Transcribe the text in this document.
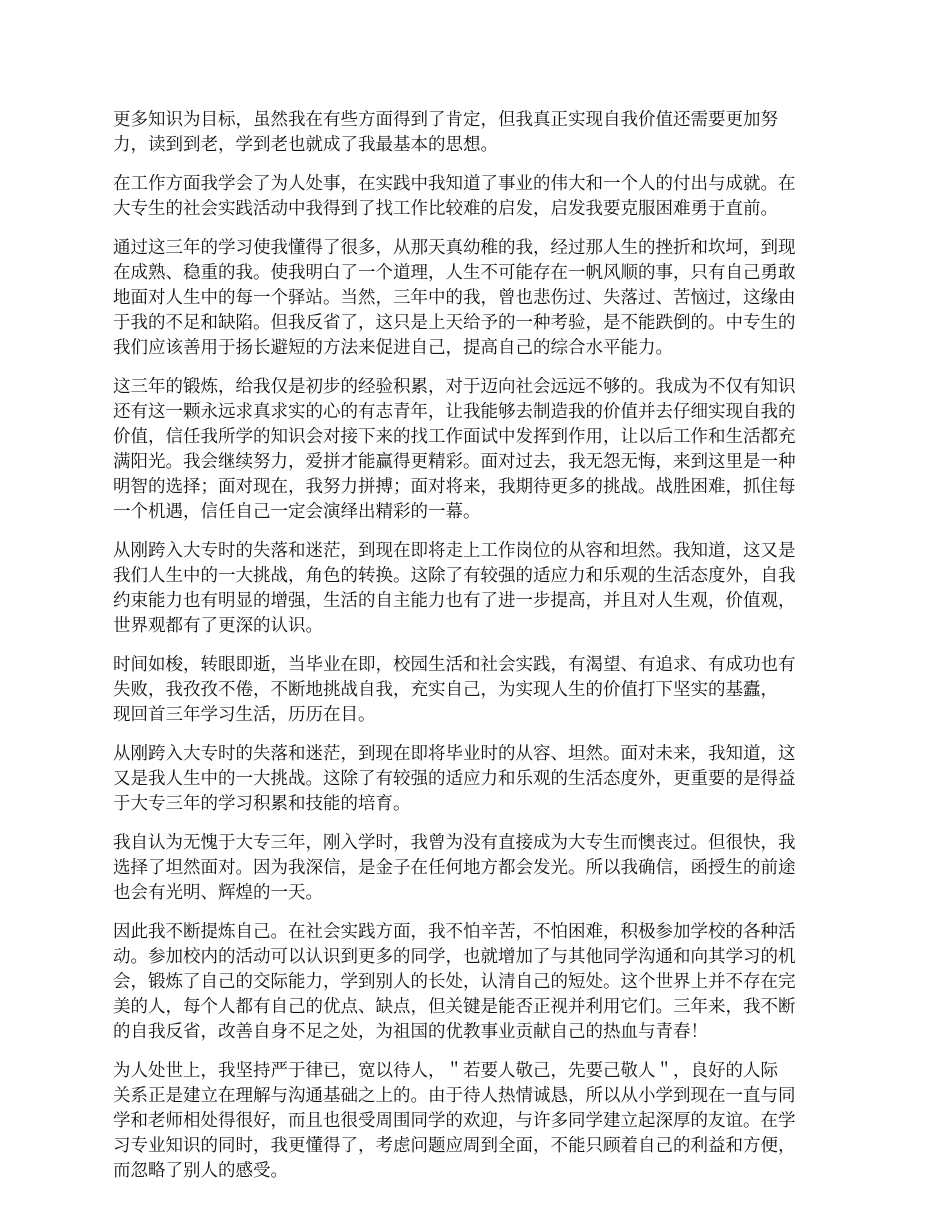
更多知识为目标，虽然我在有些方面得到了肯定，但我真正实现自我价值还需要更加努
力，读到到老，学到老也就成了我最基本的思想。

在工作方面我学会了为人处事，在实践中我知道了事业的伟大和一个人的付出与成就。在
大专生的社会实践活动中我得到了找工作比较难的启发，启发我要克服困难勇于直前。

通过这三年的学习使我懂得了很多，从那天真幼稚的我，经过那人生的挫折和坎坷，到现
在成熟、稳重的我。使我明白了一个道理，人生不可能存在一帆风顺的事，只有自己勇敢
地面对人生中的每一个驿站。当然，三年中的我，曾也悲伤过、失落过、苦恼过，这缘由
于我的不足和缺陷。但我反省了，这只是上天给予的一种考验，是不能跌倒的。中专生的
我们应该善用于扬长避短的方法来促进自己，提高自己的综合水平能力。

这三年的锻炼，给我仅是初步的经验积累，对于迈向社会远远不够的。我成为不仅有知识
还有这一颗永远求真求实的心的有志青年，让我能够去制造我的价值并去仔细实现自我的
价值，信任我所学的知识会对接下来的找工作面试中发挥到作用，让以后工作和生活都充
满阳光。我会继续努力，爱拼才能赢得更精彩。面对过去，我无怨无悔，来到这里是一种
明智的选择；面对现在，我努力拼搏；面对将来，我期待更多的挑战。战胜困难，抓住每
一个机遇，信任自己一定会演绎出精彩的一幕。

从刚跨入大专时的失落和迷茫，到现在即将走上工作岗位的从容和坦然。我知道，这又是
我们人生中的一大挑战，角色的转换。这除了有较强的适应力和乐观的生活态度外，自我
约束能力也有明显的增强，生活的自主能力也有了进一步提高，并且对人生观，价值观，
世界观都有了更深的认识。

时间如梭，转眼即逝，当毕业在即，校园生活和社会实践，有渴望、有追求、有成功也有
失败，我孜孜不倦，不断地挑战自我，充实自己，为实现人生的价值打下坚实的基蠹，
现回首三年学习生活，历历在目。

从刚跨入大专时的失落和迷茫，到现在即将毕业时的从容、坦然。面对未来，我知道，这
又是我人生中的一大挑战。这除了有较强的适应力和乐观的生活态度外，更重要的是得益
于大专三年的学习积累和技能的培育。

我自认为无愧于大专三年，刚入学时，我曾为没有直接成为大专生而懊丧过。但很快，我
选择了坦然面对。因为我深信，是金子在任何地方都会发光。所以我确信，函授生的前途
也会有光明、辉煌的一天。

因此我不断提炼自己。在社会实践方面，我不怕辛苦，不怕困难，积极参加学校的各种活
动。参加校内的活动可以认识到更多的同学，也就增加了与其他同学沟通和向其学习的机
会，锻炼了自己的交际能力，学到别人的长处，认清自己的短处。这个世界上并不存在完
美的人，每个人都有自己的优点、缺点，但关键是能否正视并利用它们。三年来，我不断
的自我反省，改善自身不足之处，为祖国的优教事业贡献自己的热血与青春！

为人处世上，我坚持严于律已，宽以待人，＂若要人敬己，先要己敬人＂，良好的人际
关系正是建立在理解与沟通基础之上的。由于待人热情诚恳，所以从小学到现在一直与同
学和老师相处得很好，而且也很受周围同学的欢迎，与许多同学建立起深厚的友谊。在学
习专业知识的同时，我更懂得了，考虑问题应周到全面，不能只顾着自己的利益和方便，
而忽略了别人的感受。
